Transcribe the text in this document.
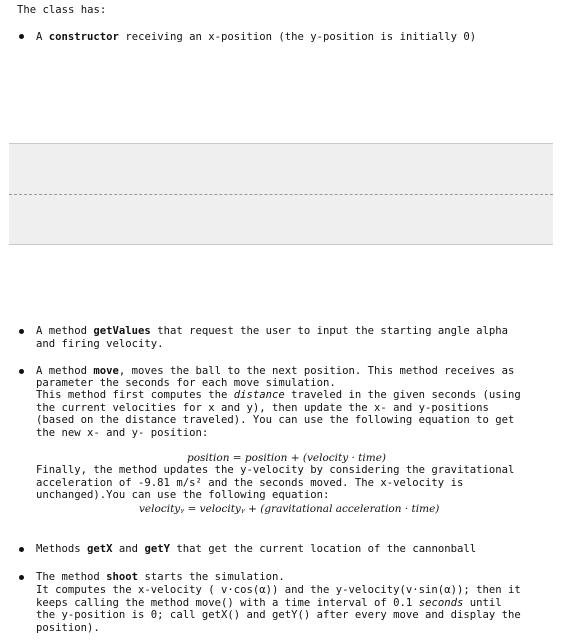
The class has:
A constructor receiving an x-position (the y-position is initially 0)
A method getValues that request the user to input the starting angle alpha
and firing velocity.
A method move, moves the ball to the next position. This method receives as
parameter the seconds for each move simulation.
This method first computes the distance traveled in the given seconds (using
the current velocities for x and y), then update the x- and y-positions
(based on the distance traveled). You can use the following equation to get
the new x- and y- position:
position = position + (velocity · time)
Finally, the method updates the y-velocity by considering the gravitational
acceleration of -9.81 m/s² and the seconds moved. The x-velocity is
unchanged).You can use the following equation:
velocityᵧ = velocityᵧ + (gravitational acceleration · time)
Methods getX and getY that get the current location of the cannonball
The method shoot starts the simulation.
It computes the x-velocity ( v·cos(α)) and the y-velocity(v·sin(α)); then it
keeps calling the method move() with a time interval of 0.1 seconds until
the y-position is 0; call getX() and getY() after every move and display the
position).
